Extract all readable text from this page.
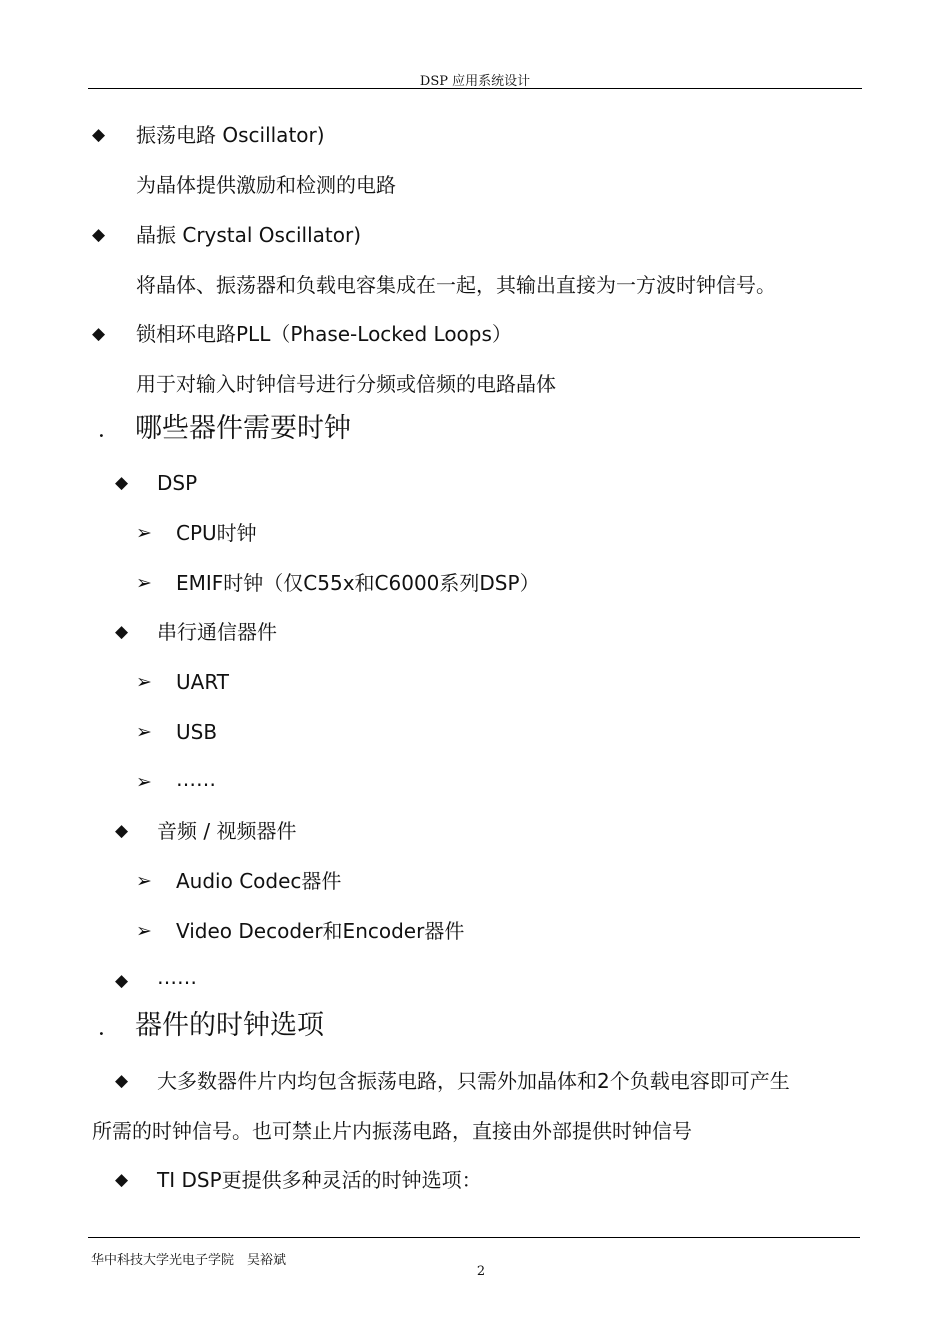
DSP 应用系统设计
◆ 振荡电路 Oscillator)
为晶体提供激励和检测的电路
◆ 晶振 Crystal Oscillator)
将晶体、振荡器和负载电容集成在一起，其输出直接为一方波时钟信号。
◆ 锁相环电路PLL（Phase-Locked Loops）
用于对输入时钟信号进行分频或倍频的电路晶体
． 哪些器件需要时钟
◆ DSP
➢ CPU时钟
➢ EMIF时钟（仅C55x和C6000系列DSP）
◆ 串行通信器件
➢ UART
➢ USB
➢ ……
◆ 音频 / 视频器件
➢ Audio Codec器件
➢ Video Decoder和Encoder器件
◆ ……
． 器件的时钟选项
◆ 大多数器件片内均包含振荡电路，只需外加晶体和2个负载电容即可产生
所需的时钟信号。也可禁止片内振荡电路，直接由外部提供时钟信号
◆ TI DSP更提供多种灵活的时钟选项：
华中科技大学光电子学院　吴裕斌
2
